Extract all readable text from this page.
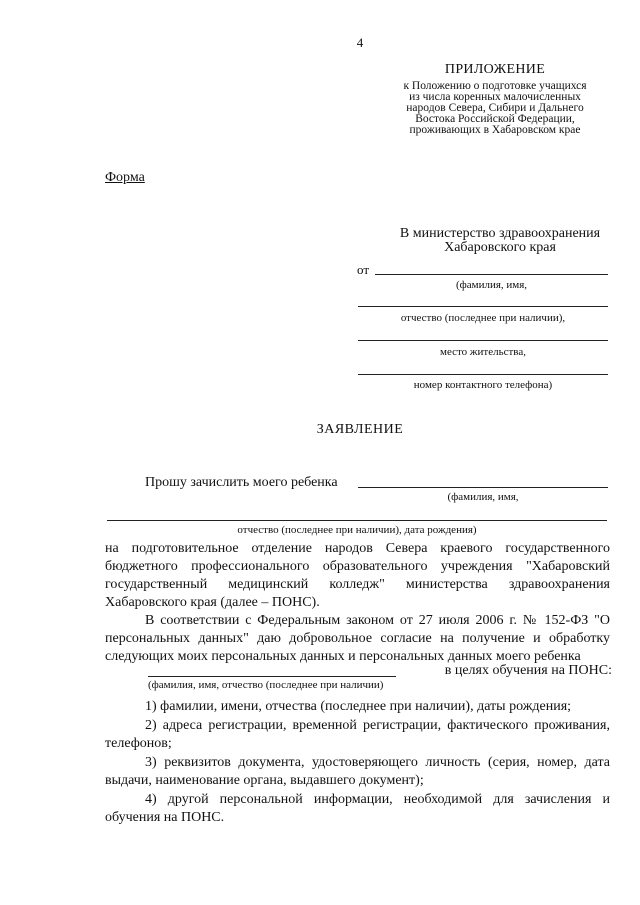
4
ПРИЛОЖЕНИЕ
к Положению о подготовке учащихся
из числа коренных малочисленных
народов Севера, Сибири и Дальнего
Востока Российской Федерации,
проживающих в Хабаровском крае
Форма
В министерство здравоохранения
Хабаровского края
от
(фамилия, имя,
отчество (последнее при наличии),
место жительства,
номер контактного телефона)
ЗАЯВЛЕНИЕ
Прошу зачислить моего ребенка
(фамилия, имя,
отчество (последнее при наличии), дата рождения)
на подготовительное отделение народов Севера краевого государственного бюджетного профессионального образовательного учреждения "Хабаровский государственный медицинский колледж" министерства здравоохранения Хабаровского края (далее – ПОНС).
В соответствии с Федеральным законом от 27 июля 2006 г. № 152-ФЗ "О персональных данных" даю добровольное согласие на получение и обработку следующих моих персональных данных и персональных данных моего ребенка
в целях обучения на ПОНС:
(фамилия, имя, отчество (последнее при наличии)
1) фамилии, имени, отчества (последнее при наличии), даты рождения;
2) адреса регистрации, временной регистрации, фактического проживания, телефонов;
3) реквизитов документа, удостоверяющего личность (серия, номер, дата выдачи, наименование органа, выдавшего документ);
4) другой персональной информации, необходимой для зачисления и обучения на ПОНС.
